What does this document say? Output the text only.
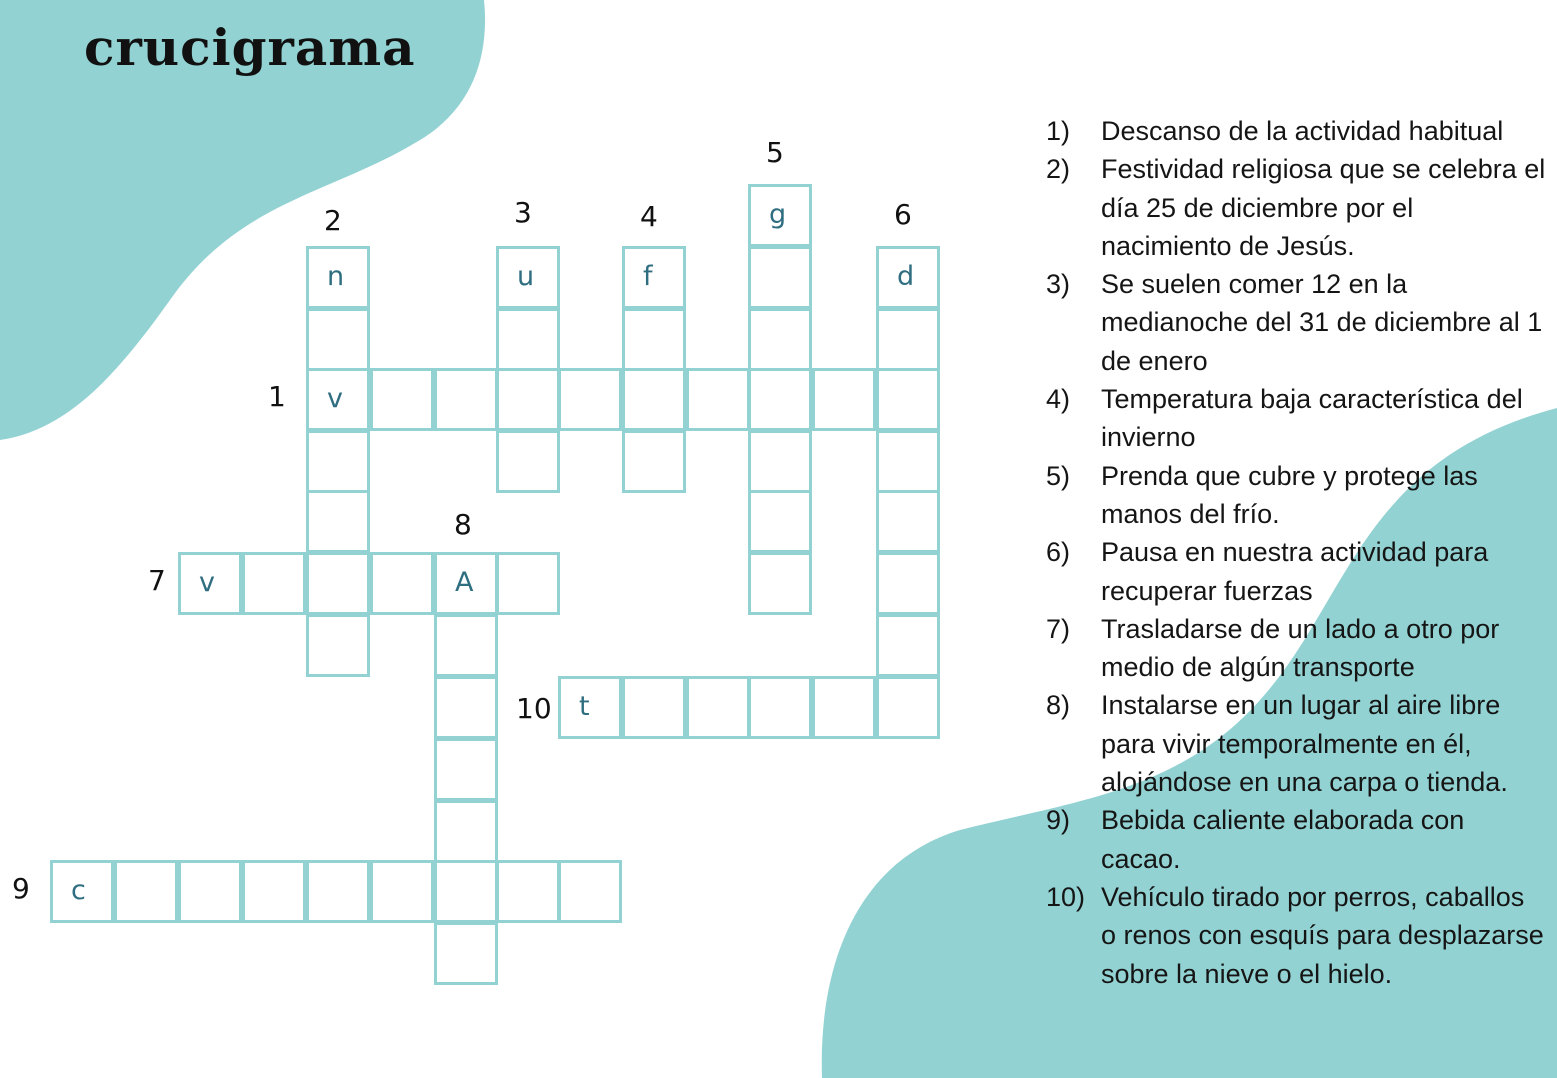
crucigrama
v
n	u	f
g
d
v	A
c
t
1
2	3	4
5
6
7
8
9
10
1) Descanso de la actividad habitual
2) Festividad religiosa que se celebra el día 25 de diciembre por el nacimiento de Jesús.
3) Se suelen comer 12 en la medianoche del 31 de diciembre al 1 de enero
4) Temperatura baja característica del invierno
5) Prenda que cubre y protege las manos del frío.
6) Pausa en nuestra actividad para recuperar fuerzas
7) Trasladarse de un lado a otro por medio de algún transporte
8) Instalarse en un lugar al aire libre para vivir temporalmente en él, alojándose en una carpa o tienda.
9) Bebida caliente elaborada con cacao.
10) Vehículo tirado por perros, caballos o renos con esquís para desplazarse sobre la nieve o el hielo.
